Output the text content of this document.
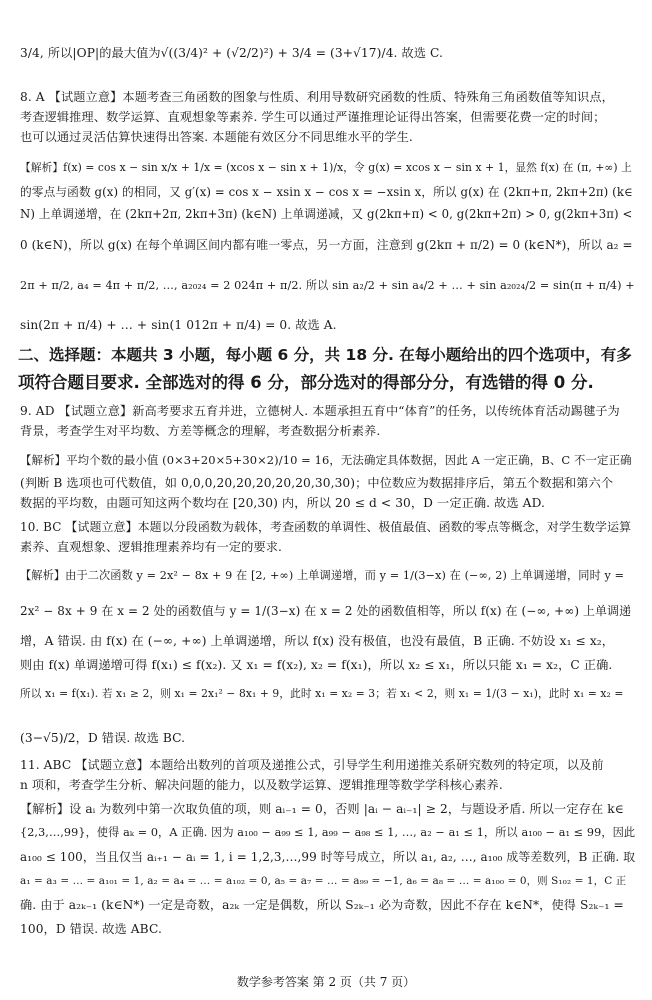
3/4, 所以|OP|的最大值为√((3/4)² + (√2/2)²) + 3/4 = (3+√17)/4. 故选 C.
8. A 【试题立意】本题考查三角函数的图象与性质、利用导数研究函数的性质、特殊角三角函数值等知识点，
考查逻辑推理、数学运算、直观想象等素养. 学生可以通过严谨推理论证得出答案，但需要花费一定的时间；
也可以通过灵活估算快速得出答案. 本题能有效区分不同思维水平的学生.
【解析】f(x) = cos x − sin x/x + 1/x = (xcos x − sin x + 1)/x，令 g(x) = xcos x − sin x + 1，显然 f(x) 在 (π, +∞) 上
的零点与函数 g(x) 的相同，又 g′(x) = cos x − xsin x − cos x = −xsin x，所以 g(x) 在 (2kπ+π, 2kπ+2π) (k∈
N) 上单调递增，在 (2kπ+2π, 2kπ+3π) (k∈N) 上单调递减，又 g(2kπ+π) < 0, g(2kπ+2π) > 0, g(2kπ+3π) <
0 (k∈N)，所以 g(x) 在每个单调区间内都有唯一零点，另一方面，注意到 g(2kπ + π/2) = 0 (k∈N*)，所以 a₂ =
2π + π/2, a₄ = 4π + π/2, …, a₂₀₂₄ = 2 024π + π/2. 所以 sin a₂/2 + sin a₄/2 + … + sin a₂₀₂₄/2 = sin(π + π/4) +
sin(2π + π/4) + … + sin(1 012π + π/4) = 0. 故选 A.
二、选择题：本题共 3 小题，每小题 6 分，共 18 分. 在每小题给出的四个选项中，有多
项符合题目要求. 全部选对的得 6 分，部分选对的得部分分，有选错的得 0 分.
9. AD 【试题立意】新高考要求五育并进，立德树人. 本题承担五育中“体育”的任务，以传统体育活动踢毽子为
背景，考查学生对平均数、方差等概念的理解，考查数据分析素养.
【解析】平均个数的最小值 (0×3+20×5+30×2)/10 = 16，无法确定具体数据，因此 A 一定正确，B、C 不一定正确
(判断 B 选项也可代数值，如 0,0,0,20,20,20,20,20,30,30)；中位数应为数据排序后，第五个数据和第六个
数据的平均数，由题可知这两个数均在 [20,30) 内，所以 20 ≤ d < 30，D 一定正确. 故选 AD.
10. BC 【试题立意】本题以分段函数为载体，考查函数的单调性、极值最值、函数的零点等概念，对学生数学运算
素养、直观想象、逻辑推理素养均有一定的要求.
【解析】由于二次函数 y = 2x² − 8x + 9 在 [2, +∞) 上单调递增，而 y = 1/(3−x) 在 (−∞, 2) 上单调递增，同时 y =
2x² − 8x + 9 在 x = 2 处的函数值与 y = 1/(3−x) 在 x = 2 处的函数值相等，所以 f(x) 在 (−∞, +∞) 上单调递
增，A 错误. 由 f(x) 在 (−∞, +∞) 上单调递增，所以 f(x) 没有极值，也没有最值，B 正确. 不妨设 x₁ ≤ x₂，
则由 f(x) 单调递增可得 f(x₁) ≤ f(x₂). 又 x₁ = f(x₂), x₂ = f(x₁)，所以 x₂ ≤ x₁，所以只能 x₁ = x₂，C 正确.
所以 x₁ = f(x₁). 若 x₁ ≥ 2，则 x₁ = 2x₁² − 8x₁ + 9，此时 x₁ = x₂ = 3；若 x₁ < 2，则 x₁ = 1/(3 − x₁)，此时 x₁ = x₂ =
(3−√5)/2，D 错误. 故选 BC.
11. ABC 【试题立意】本题给出数列的首项及递推公式，引导学生利用递推关系研究数列的特定项，以及前
n 项和，考查学生分析、解决问题的能力，以及数学运算、逻辑推理等数学学科核心素养.
【解析】设 aᵢ 为数列中第一次取负值的项，则 aᵢ₋₁ = 0，否则 |aᵢ − aᵢ₋₁| ≥ 2，与题设矛盾. 所以一定存在 k∈
{2,3,…,99}，使得 aₖ = 0，A 正确. 因为 a₁₀₀ − a₉₉ ≤ 1, a₉₉ − a₉₈ ≤ 1, …, a₂ − a₁ ≤ 1，所以 a₁₀₀ − a₁ ≤ 99，因此
a₁₀₀ ≤ 100，当且仅当 aᵢ₊₁ − aᵢ = 1, i = 1,2,3,…,99 时等号成立，所以 a₁, a₂, …, a₁₀₀ 成等差数列，B 正确. 取
a₁ = a₃ = … = a₁₀₁ = 1, a₂ = a₄ = … = a₁₀₂ = 0, a₅ = a₇ = … = a₉₉ = −1, a₆ = a₈ = … = a₁₀₀ = 0，则 S₁₀₂ = 1，C 正
确. 由于 a₂ₖ₋₁ (k∈N*) 一定是奇数，a₂ₖ 一定是偶数，所以 S₂ₖ₋₁ 必为奇数，因此不存在 k∈N*，使得 S₂ₖ₋₁ =
100，D 错误. 故选 ABC.
数学参考答案 第 2 页（共 7 页）
